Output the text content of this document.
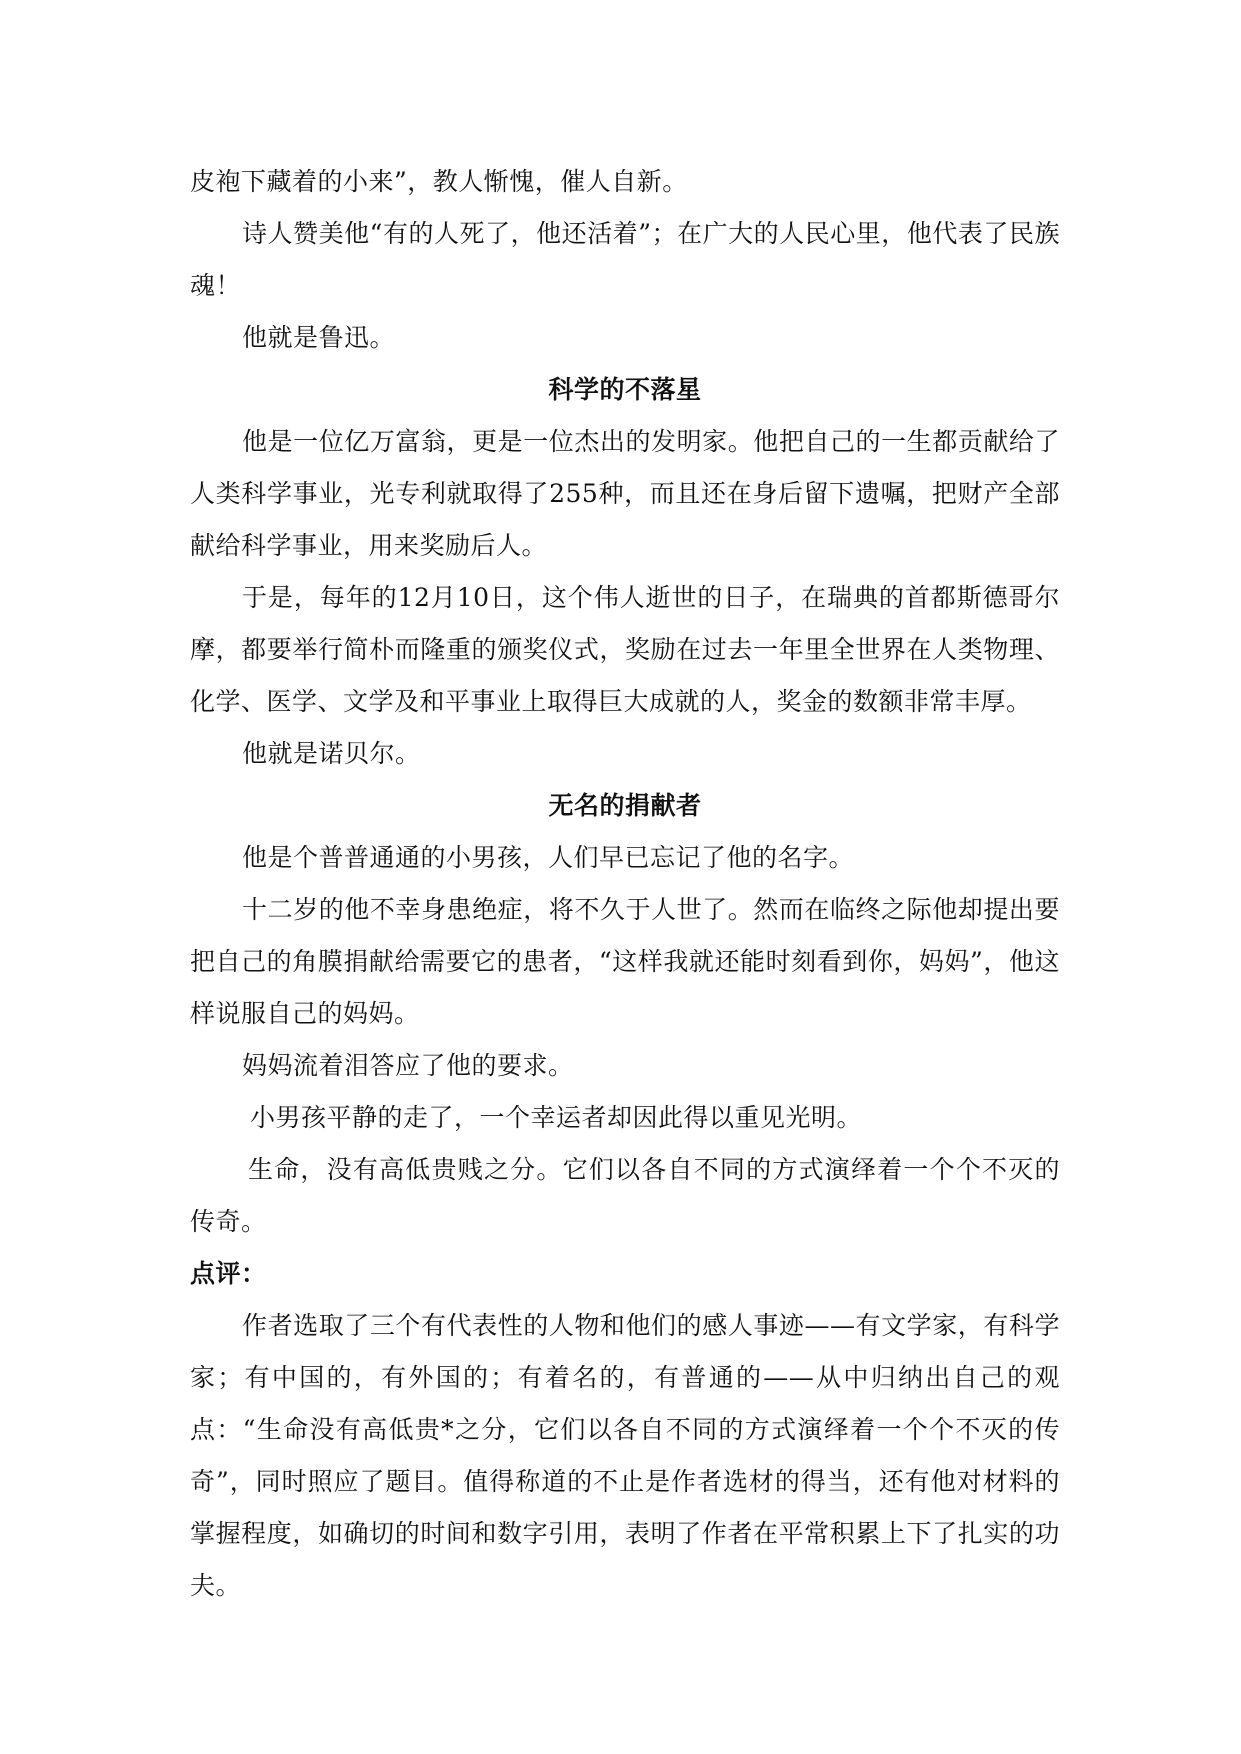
皮袍下藏着的小来”，教人惭愧，催人自新。

诗人赞美他“有的人死了，他还活着”；在广大的人民心里，他代表了民族魂！

他就是鲁迅。

科学的不落星

他是一位亿万富翁，更是一位杰出的发明家。他把自己的一生都贡献给了人类科学事业，光专利就取得了255种，而且还在身后留下遗嘱，把财产全部献给科学事业，用来奖励后人。

于是，每年的12月10日，这个伟人逝世的日子，在瑞典的首都斯德哥尔摩，都要举行简朴而隆重的颁奖仪式，奖励在过去一年里全世界在人类物理、化学、医学、文学及和平事业上取得巨大成就的人，奖金的数额非常丰厚。

他就是诺贝尔。

无名的捐献者

他是个普普通通的小男孩，人们早已忘记了他的名字。

十二岁的他不幸身患绝症，将不久于人世了。然而在临终之际他却提出要把自己的角膜捐献给需要它的患者，“这样我就还能时刻看到你，妈妈”，他这样说服自己的妈妈。

妈妈流着泪答应了他的要求。

小男孩平静的走了，一个幸运者却因此得以重见光明。

生命，没有高低贵贱之分。它们以各自不同的方式演绎着一个个不灭的传奇。

点评：

作者选取了三个有代表性的人物和他们的感人事迹——有文学家，有科学家；有中国的，有外国的；有着名的，有普通的——从中归纳出自己的观点：“生命没有高低贵*之分，它们以各自不同的方式演绎着一个个不灭的传奇”，同时照应了题目。值得称道的不止是作者选材的得当，还有他对材料的掌握程度，如确切的时间和数字引用，表明了作者在平常积累上下了扎实的功夫。
